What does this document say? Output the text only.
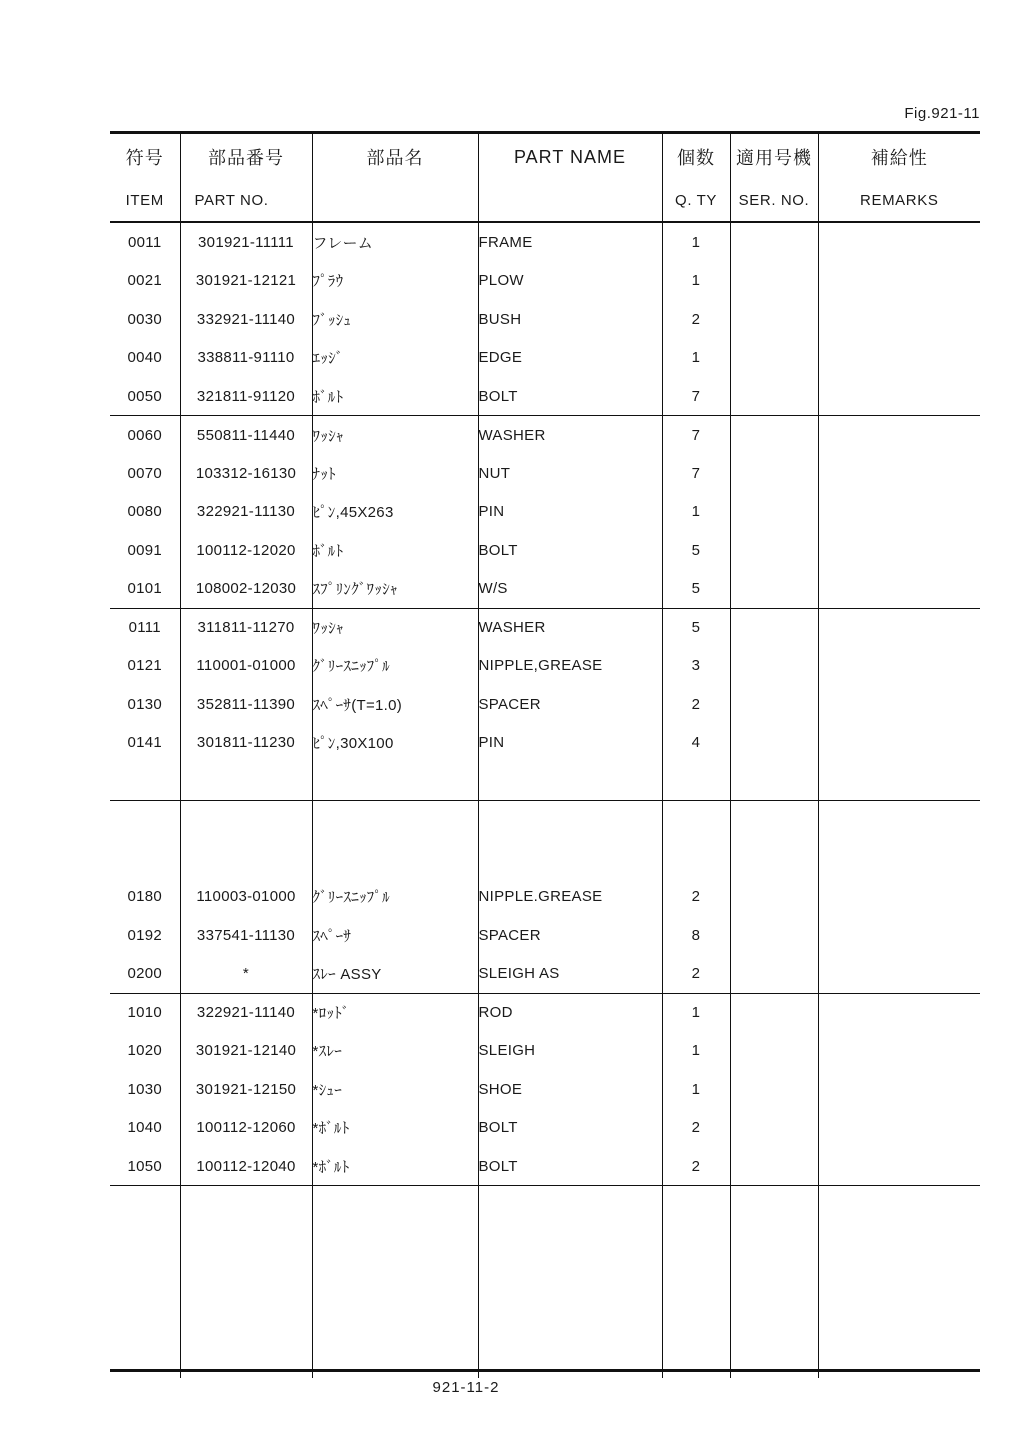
Fig.921-11
符号	部品番号	部品名	PART NAME	個数	適用号機	補給性
ITEM	PART NO.			Q. TY	SER. NO.	REMARKS

0011	301921-11111	フレーム	FRAME	1		
0021	301921-12121	ﾌﾟﾗｳ	PLOW	1		
0030	332921-11140	ﾌﾞｯｼｭ	BUSH	2		
0040	338811-91110	ｴｯｼﾞ	EDGE	1		
0050	321811-91120	ﾎﾞﾙﾄ	BOLT	7		
0060	550811-11440	ﾜｯｼｬ	WASHER	7		
0070	103312-16130	ﾅｯﾄ	NUT	7		
0080	322921-11130	ﾋﾟﾝ,45X263	PIN	1		
0091	100112-12020	ﾎﾞﾙﾄ	BOLT	5		
0101	108002-12030	ｽﾌﾟﾘﾝｸﾞﾜｯｼｬ	W/S	5		
0111	311811-11270	ﾜｯｼｬ	WASHER	5		
0121	110001-01000	ｸﾞﾘｰｽﾆｯﾌﾟﾙ	NIPPLE,GREASE	3		
0130	352811-11390	ｽﾍﾟｰｻ(T=1.0)	SPACER	2		
0141	301811-11230	ﾋﾟﾝ,30X100	PIN	4		

0180	110003-01000	ｸﾞﾘｰｽﾆｯﾌﾟﾙ	NIPPLE.GREASE	2		
0192	337541-11130	ｽﾍﾟｰｻ	SPACER	8		
0200	*	ｽﾚｰ ASSY	SLEIGH AS	2		
1010	322921-11140	*ﾛｯﾄﾞ	ROD	1		
1020	301921-12140	*ｽﾚｰ	SLEIGH	1		
1030	301921-12150	*ｼｭｰ	SHOE	1		
1040	100112-12060	*ﾎﾞﾙﾄ	BOLT	2		
1050	100112-12040	*ﾎﾞﾙﾄ	BOLT	2		

921-11-2
